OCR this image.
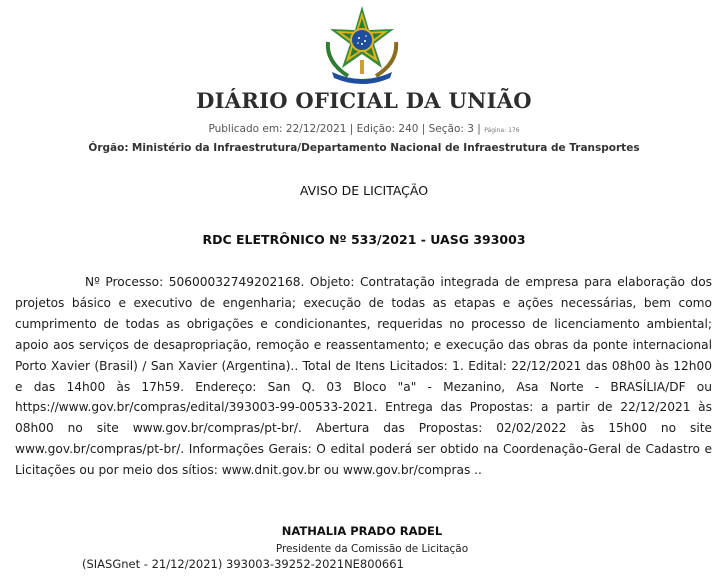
DIÁRIO OFICIAL DA UNIÃO
Publicado em: 22/12/2021 | Edição: 240 | Seção: 3 | Página: 176
Órgão: Ministério da Infraestrutura/Departamento Nacional de Infraestrutura de Transportes
AVISO DE LICITAÇÃO
RDC ELETRÔNICO Nº 533/2021 - UASG 393003

Nº Processo: 50600032749202168. Objeto: Contratação integrada de empresa para elaboração dos projetos básico e executivo de engenharia; execução de todas as etapas e ações necessárias, bem como cumprimento de todas as obrigações e condicionantes, requeridas no processo de licenciamento ambiental; apoio aos serviços de desapropriação, remoção e reassentamento; e execução das obras da ponte internacional Porto Xavier (Brasil) / San Xavier (Argentina).. Total de Itens Licitados: 1. Edital: 22/12/2021 das 08h00 às 12h00 e das 14h00 às 17h59. Endereço: San Q. 03 Bloco "a" - Mezanino, Asa Norte - BRASÍLIA/DF ou https://www.gov.br/compras/edital/393003-99-00533-2021. Entrega das Propostas: a partir de 22/12/2021 às 08h00 no site www.gov.br/compras/pt-br/. Abertura das Propostas: 02/02/2022 às 15h00 no site www.gov.br/compras/pt-br/. Informações Gerais: O edital poderá ser obtido na Coordenação-Geral de Cadastro e Licitações ou por meio dos sítios: www.dnit.gov.br ou www.gov.br/compras ..

NATHALIA PRADO RADEL
Presidente da Comissão de Licitação
(SIASGnet - 21/12/2021) 393003-39252-2021NE800661
